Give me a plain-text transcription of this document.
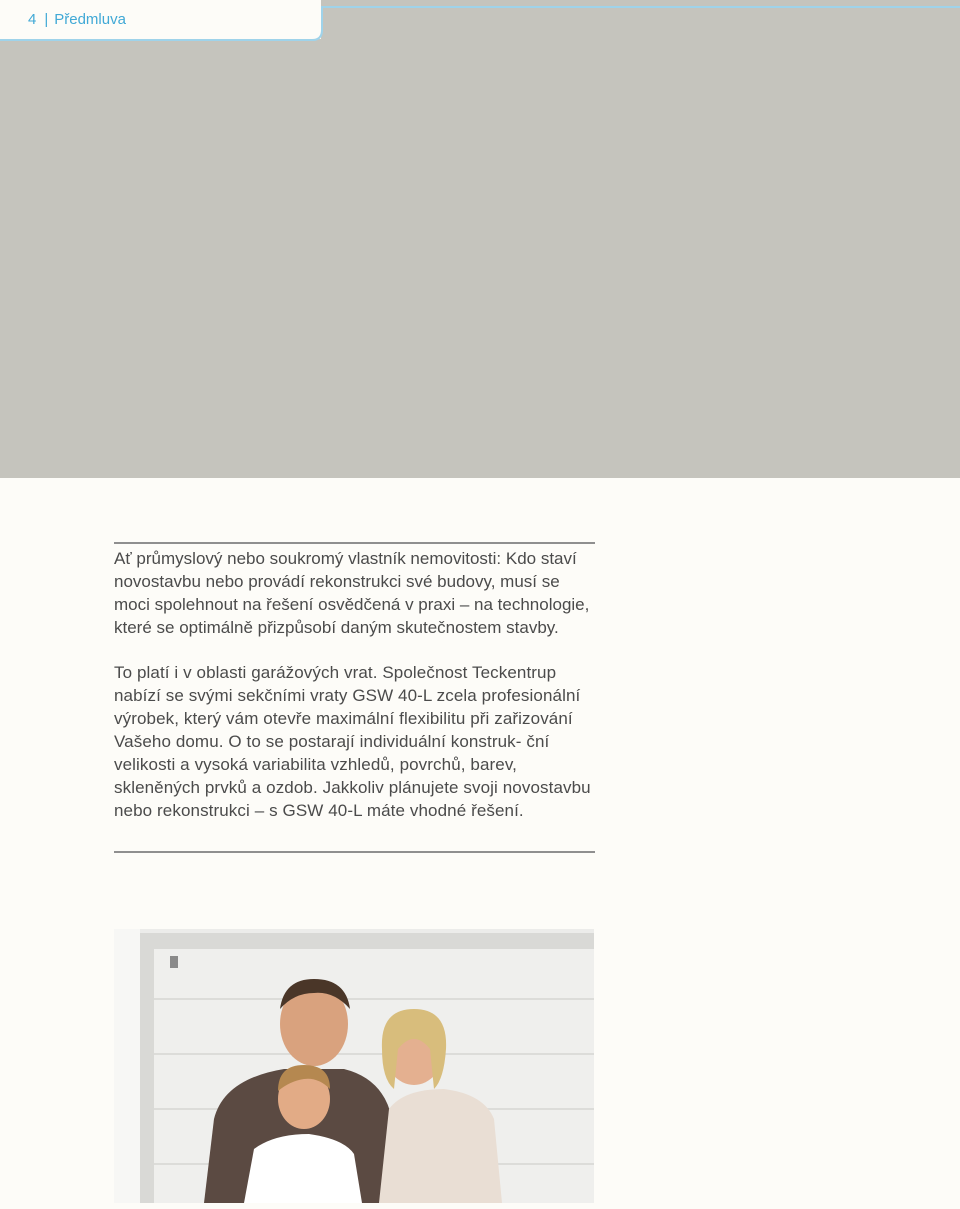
4 | Předmluva

Ať průmyslový nebo soukromý vlastník nemovitosti: Kdo staví novostavbu nebo provádí rekonstrukci své budovy, musí se moci spolehnout na řešení osvědčená v praxi – na technologie, které se optimálně přizpůsobí daným skutečnostem stavby.

To platí i v oblasti garážových vrat. Společnost Teckentrup nabízí se svými sekčními vraty GSW 40-L zcela profesionální výrobek, který vám otevře maximální flexibilitu při zařizování Vašeho domu. O to se postarají individuální konstruk- ční velikosti a vysoká variabilita vzhledů, povrchů, barev, skleněných prvků a ozdob. Jakkoliv plánujete svoji novostavbu nebo rekonstrukci – s GSW 40-L máte vhodné řešení.
